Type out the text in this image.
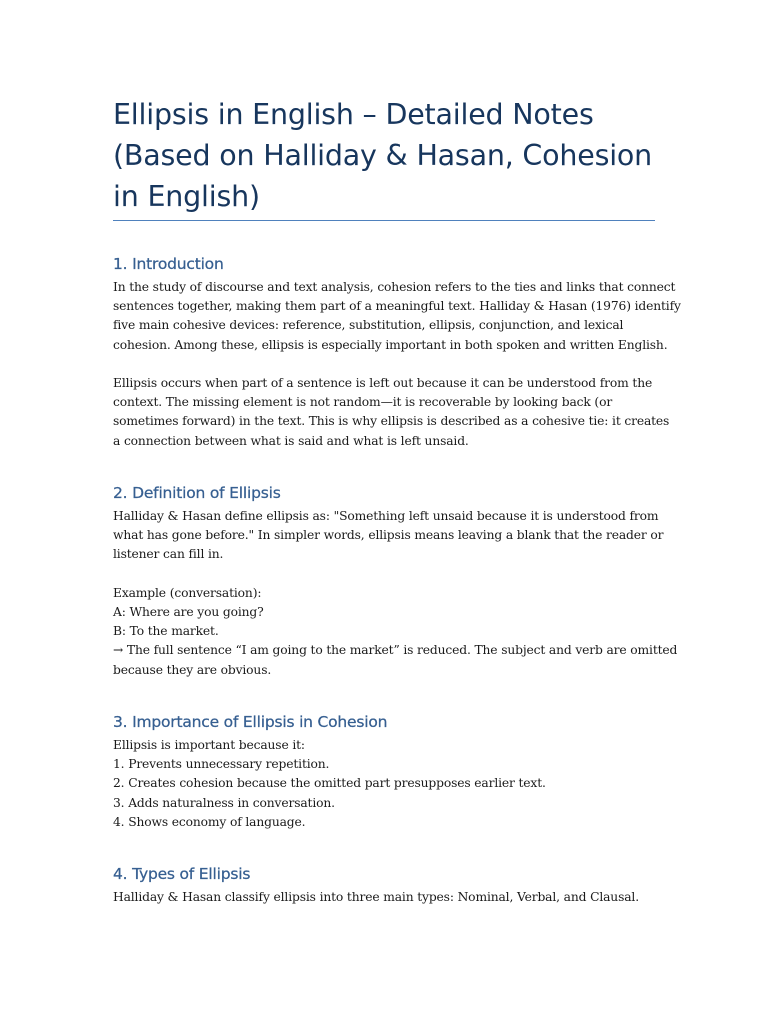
Ellipsis in English – Detailed Notes
(Based on Halliday & Hasan, Cohesion
in English)
1. Introduction

In the study of discourse and text analysis, cohesion refers to the ties and links that connect
sentences together, making them part of a meaningful text. Halliday & Hasan (1976) identify
five main cohesive devices: reference, substitution, ellipsis, conjunction, and lexical
cohesion. Among these, ellipsis is especially important in both spoken and written English.

Ellipsis occurs when part of a sentence is left out because it can be understood from the
context. The missing element is not random—it is recoverable by looking back (or
sometimes forward) in the text. This is why ellipsis is described as a cohesive tie: it creates
a connection between what is said and what is left unsaid.

2. Definition of Ellipsis

Halliday & Hasan define ellipsis as: "Something left unsaid because it is understood from
what has gone before." In simpler words, ellipsis means leaving a blank that the reader or
listener can fill in.

Example (conversation):
A: Where are you going?
B: To the market.
→ The full sentence “I am going to the market” is reduced. The subject and verb are omitted
because they are obvious.

3. Importance of Ellipsis in Cohesion

Ellipsis is important because it:
1. Prevents unnecessary repetition.
2. Creates cohesion because the omitted part presupposes earlier text.
3. Adds naturalness in conversation.
4. Shows economy of language.

4. Types of Ellipsis

Halliday & Hasan classify ellipsis into three main types: Nominal, Verbal, and Clausal.
